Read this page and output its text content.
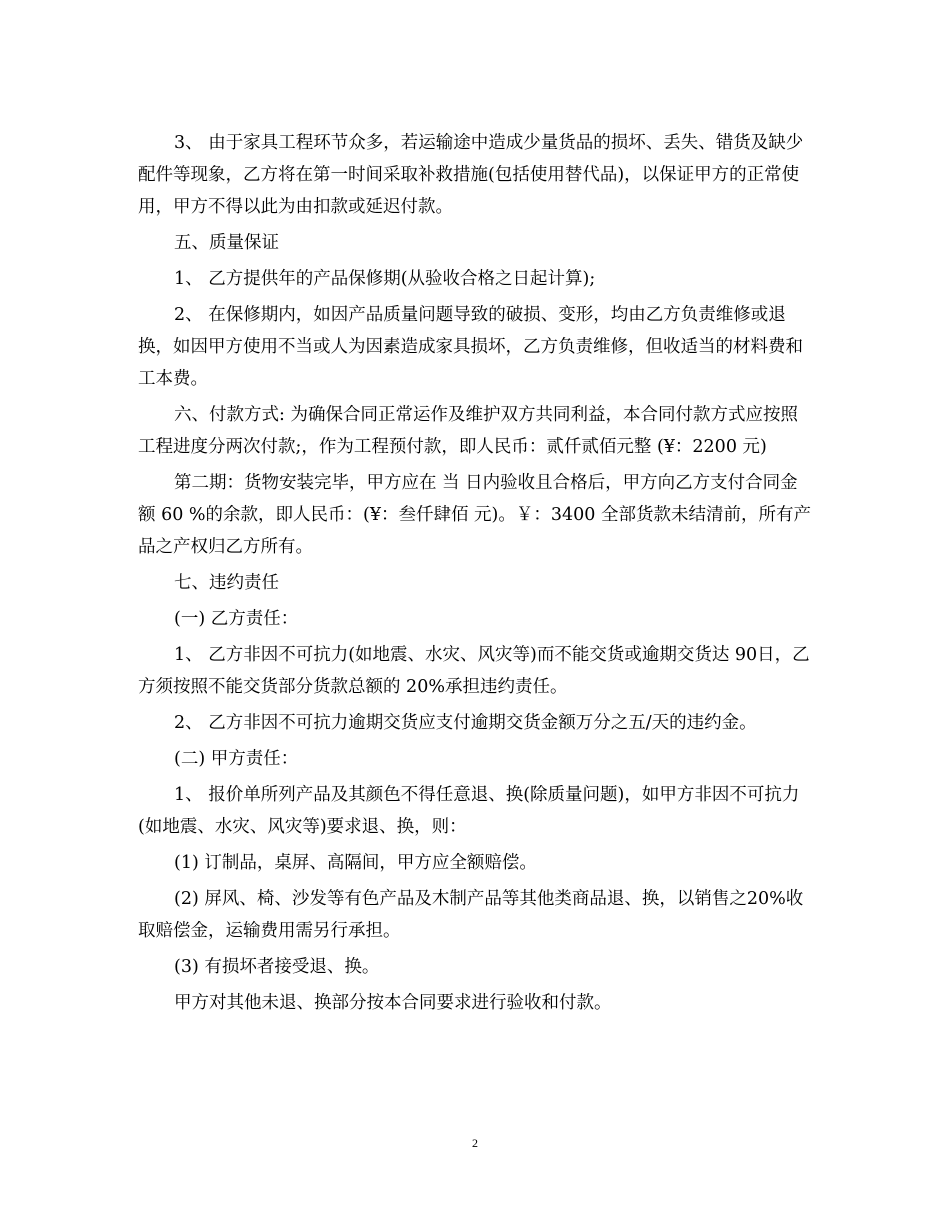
3、 由于家具工程环节众多，若运输途中造成少量货品的损坏、丢失、错货及缺少配件等现象，乙方将在第一时间采取补救措施(包括使用替代品)，以保证甲方的正常使用，甲方不得以此为由扣款或延迟付款。

五、质量保证

1、 乙方提供年的产品保修期(从验收合格之日起计算);

2、 在保修期内，如因产品质量问题导致的破损、变形，均由乙方负责维修或退换，如因甲方使用不当或人为因素造成家具损坏，乙方负责维修，但收适当的材料费和工本费。

六、付款方式: 为确保合同正常运作及维护双方共同利益，本合同付款方式应按照工程进度分两次付款;，作为工程预付款，即人民币：贰仟贰佰元整 (¥：2200 元)

第二期：货物安装完毕，甲方应在 当 日内验收且合格后，甲方向乙方支付合同金额 60 %的余款，即人民币：(¥：叁仟肆佰 元)。￥：3400 全部货款未结清前，所有产品之产权归乙方所有。

七、违约责任

(一) 乙方责任：

1、 乙方非因不可抗力(如地震、水灾、风灾等)而不能交货或逾期交货达 90日，乙方须按照不能交货部分货款总额的 20%承担违约责任。

2、 乙方非因不可抗力逾期交货应支付逾期交货金额万分之五/天的违约金。

(二) 甲方责任：

1、 报价单所列产品及其颜色不得任意退、换(除质量问题)，如甲方非因不可抗力(如地震、水灾、风灾等)要求退、换，则：

(1) 订制品，桌屏、高隔间，甲方应全额赔偿。

(2) 屏风、椅、沙发等有色产品及木制产品等其他类商品退、换，以销售之20%收取赔偿金，运输费用需另行承担。

(3) 有损坏者接受退、换。

甲方对其他未退、换部分按本合同要求进行验收和付款。

2
